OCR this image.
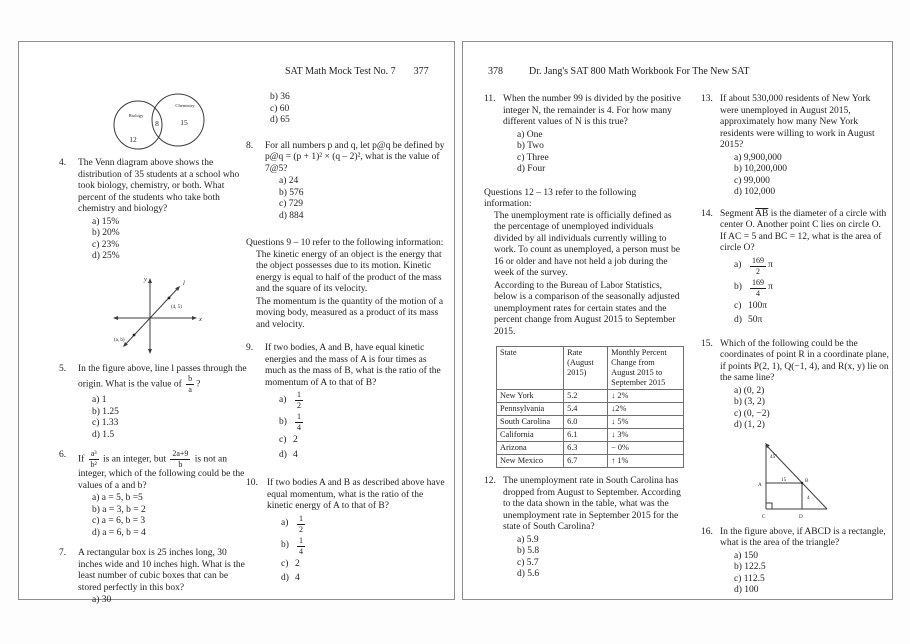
SAT Math Mock Test No. 7 377
Biology
Chemistry
12
8	15
4.	The Venn diagram above shows the distribution of 35 students at a school who took biology, chemistry, or both. What percent of the students who take both chemistry and biology?
a) 15%
b) 20%
c) 23%
d) 25%
(4, 5)
(a, b)
l
y
x
5.	In the figure above, line l passes through the origin. What is the value of $\frac{b}{a}$ ?
a) 1
b) 1.25
c) 1.33
d) 1.5
6.	If $\frac{\text{a³}}{\text{b²}}$ is an integer, but $\frac{2a+9}{b}$ is not an integer, which of the following could be the values of a and b?
a) a = 5, b =5
b) a = 3, b = 2
c) a = 6, b = 3
d) a = 6, b = 4
7.	A rectangular box is 25 inches long, 30 inches wide and 10 inches high. What is the least number of cubic boxes that can be stored perfectly in this box?
a) 30
b) 36
c) 60
d) 65
8.	For all numbers p and q, let p@q be defined by p@q = (p + 1)² × (q – 2)², what is the value of 7@5?
a) 24
b) 576
c) 729
d) 884
Questions 9 – 10 refer to the following information:
The kinetic energy of an object is the energy that the object possesses due to its motion. Kinetic energy is equal to half of the product of the mass and the square of its velocity.
The momentum is the quantity of the motion of a moving body, measured as a product of its mass and velocity.
9.	If two bodies, A and B, have equal kinetic energies and the mass of A is four times as much as the mass of B, what is the ratio of the momentum of A to that of B?
a)	$\frac{1}{2}$
b)	$\frac{1}{4}$
c) 2
d) 4
10. If two bodies A and B as described above have equal momentum, what is the ratio of the kinetic energy of A to that of B?
a)	$\frac{1}{2}$
b)	$\frac{1}{4}$
c) 2
d) 4
378	Dr. Jang's SAT 800 Math Workbook For The New SAT
11. When the number 99 is divided by the positive integer N, the remainder is 4. For how many different values of N is this true?
a) One
b) Two
c) Three
d) Four
Questions 12 – 13 refer to the following information:
The unemployment rate is officially defined as the percentage of unemployed individuals divided by all individuals currently willing to work. To count as unemployed, a person must be 16 or older and have not held a job during the week of the survey.
According to the Bureau of Labor Statistics, below is a comparison of the seasonally adjusted unemployment rates for certain states and the percent change from August 2015 to September 2015.
State	Rate (August 2015)	Monthly Percent Change from August 2015 to September 2015
New York	5.2	↓ 2%
Pennsylvania	5.4	↓2%
South Carolina	6.0	↓ 5%
California	6.1	↓ 3%
Arizona	6.3	− 0%
New Mexico	6.7	↑ 1%
12. The unemployment rate in South Carolina has dropped from August to September. According to the data shown in the table, what was the unemployment rate in September 2015 for the state of South Carolina?
a) 5.9
b) 5.8
c) 5.7
d) 5.6
13. If about 530,000 residents of New York were unemployed in August 2015, approximately how many New York residents were willing to work in August 2015?
a) 9,900,000
b) 10,200,000
c) 99,000
d) 102,000
14. Segment $\overline{AB}$ is the diameter of a circle with center O. Another point C lies on circle O. If AC = 5 and BC = 12, what is the area of circle O?
a)	$\frac{169}{2}$ π
b)	$\frac{169}{4}$ π
c) 100π
d) 50π
15. Which of the following could be the coordinates of point R in a coordinate plane, if points P(2, 1), Q(−1, 4), and R(x, y) lie on the same line?
a) (0, 2)
b) (3, 2)
c) (0, −2)
d) (1, 2)
45°
A
15	B
4
C	D
16. In the figure above, if ABCD is a rectangle, what is the area of the triangle?
a) 150
b) 122.5
c) 112.5
d) 100
